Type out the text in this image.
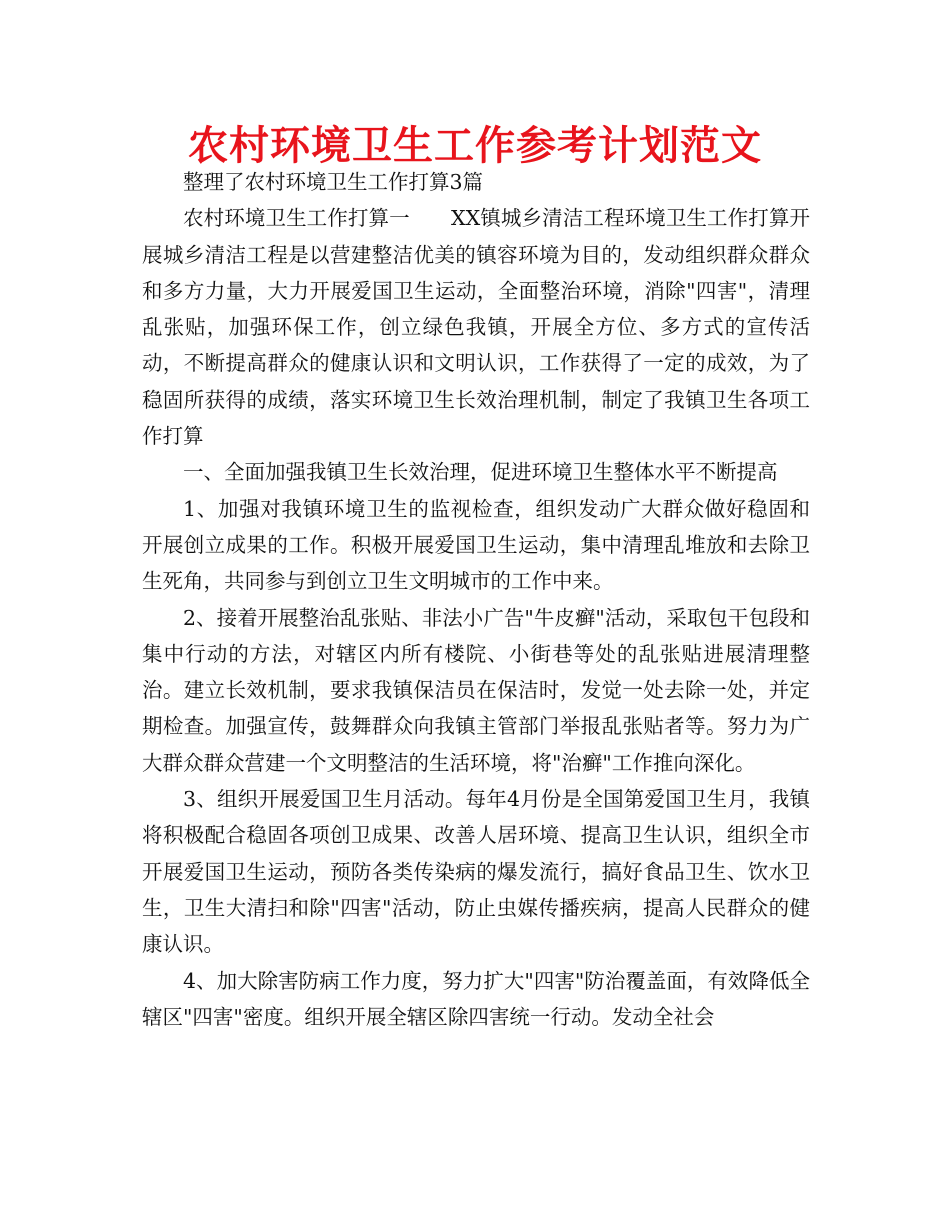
农村环境卫生工作参考计划范文

整理了农村环境卫生工作打算3篇

农村环境卫生工作打算一　　XX镇城乡清洁工程环境卫生工作打算开展城乡清洁工程是以营建整洁优美的镇容环境为目的，发动组织群众群众和多方力量，大力开展爱国卫生运动，全面整治环境，消除"四害"，清理乱张贴，加强环保工作，创立绿色我镇，开展全方位、多方式的宣传活动，不断提高群众的健康认识和文明认识，工作获得了一定的成效，为了稳固所获得的成绩，落实环境卫生长效治理机制，制定了我镇卫生各项工作打算

一、全面加强我镇卫生长效治理，促进环境卫生整体水平不断提高

1、加强对我镇环境卫生的监视检查，组织发动广大群众做好稳固和开展创立成果的工作。积极开展爱国卫生运动，集中清理乱堆放和去除卫生死角，共同参与到创立卫生文明城市的工作中来。

2、接着开展整治乱张贴、非法小广告"牛皮癣"活动，采取包干包段和集中行动的方法，对辖区内所有楼院、小街巷等处的乱张贴进展清理整治。建立长效机制，要求我镇保洁员在保洁时，发觉一处去除一处，并定期检查。加强宣传，鼓舞群众向我镇主管部门举报乱张贴者等。努力为广大群众群众营建一个文明整洁的生活环境，将"治癣"工作推向深化。

3、组织开展爱国卫生月活动。每年4月份是全国第爱国卫生月，我镇将积极配合稳固各项创卫成果、改善人居环境、提高卫生认识，组织全市开展爱国卫生运动，预防各类传染病的爆发流行，搞好食品卫生、饮水卫生，卫生大清扫和除"四害"活动，防止虫媒传播疾病，提高人民群众的健康认识。

4、加大除害防病工作力度，努力扩大"四害"防治覆盖面，有效降低全辖区"四害"密度。组织开展全辖区除四害统一行动。发动全社会
